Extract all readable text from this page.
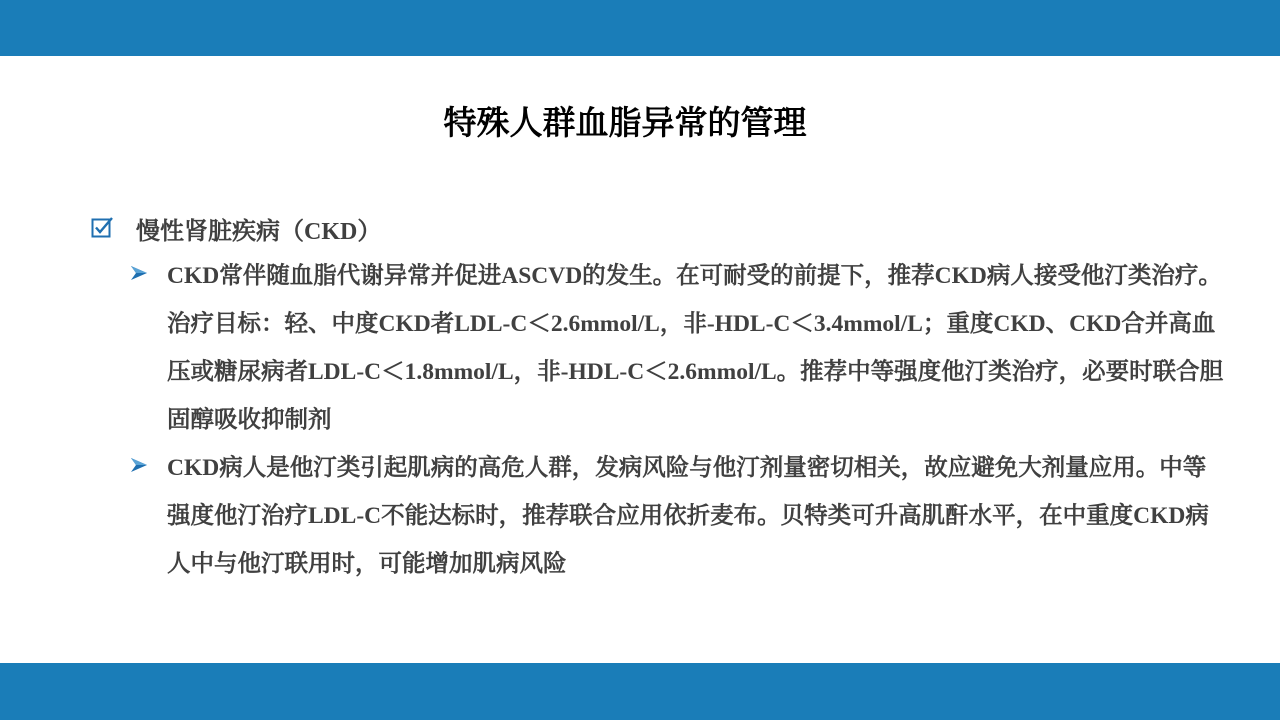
特殊人群血脂异常的管理
慢性肾脏疾病（CKD）
CKD常伴随血脂代谢异常并促进ASCVD的发生。在可耐受的前提下，推荐CKD病人接受他汀类治疗。治疗目标：轻、中度CKD者LDL-C＜2.6mmol/L，非-HDL-C＜3.4mmol/L；重度CKD、CKD合并高血压或糖尿病者LDL-C＜1.8mmol/L，非-HDL-C＜2.6mmol/L。推荐中等强度他汀类治疗，必要时联合胆固醇吸收抑制剂
CKD病人是他汀类引起肌病的高危人群，发病风险与他汀剂量密切相关，故应避免大剂量应用。中等强度他汀治疗LDL-C不能达标时，推荐联合应用依折麦布。贝特类可升高肌酐水平，在中重度CKD病人中与他汀联用时，可能增加肌病风险
